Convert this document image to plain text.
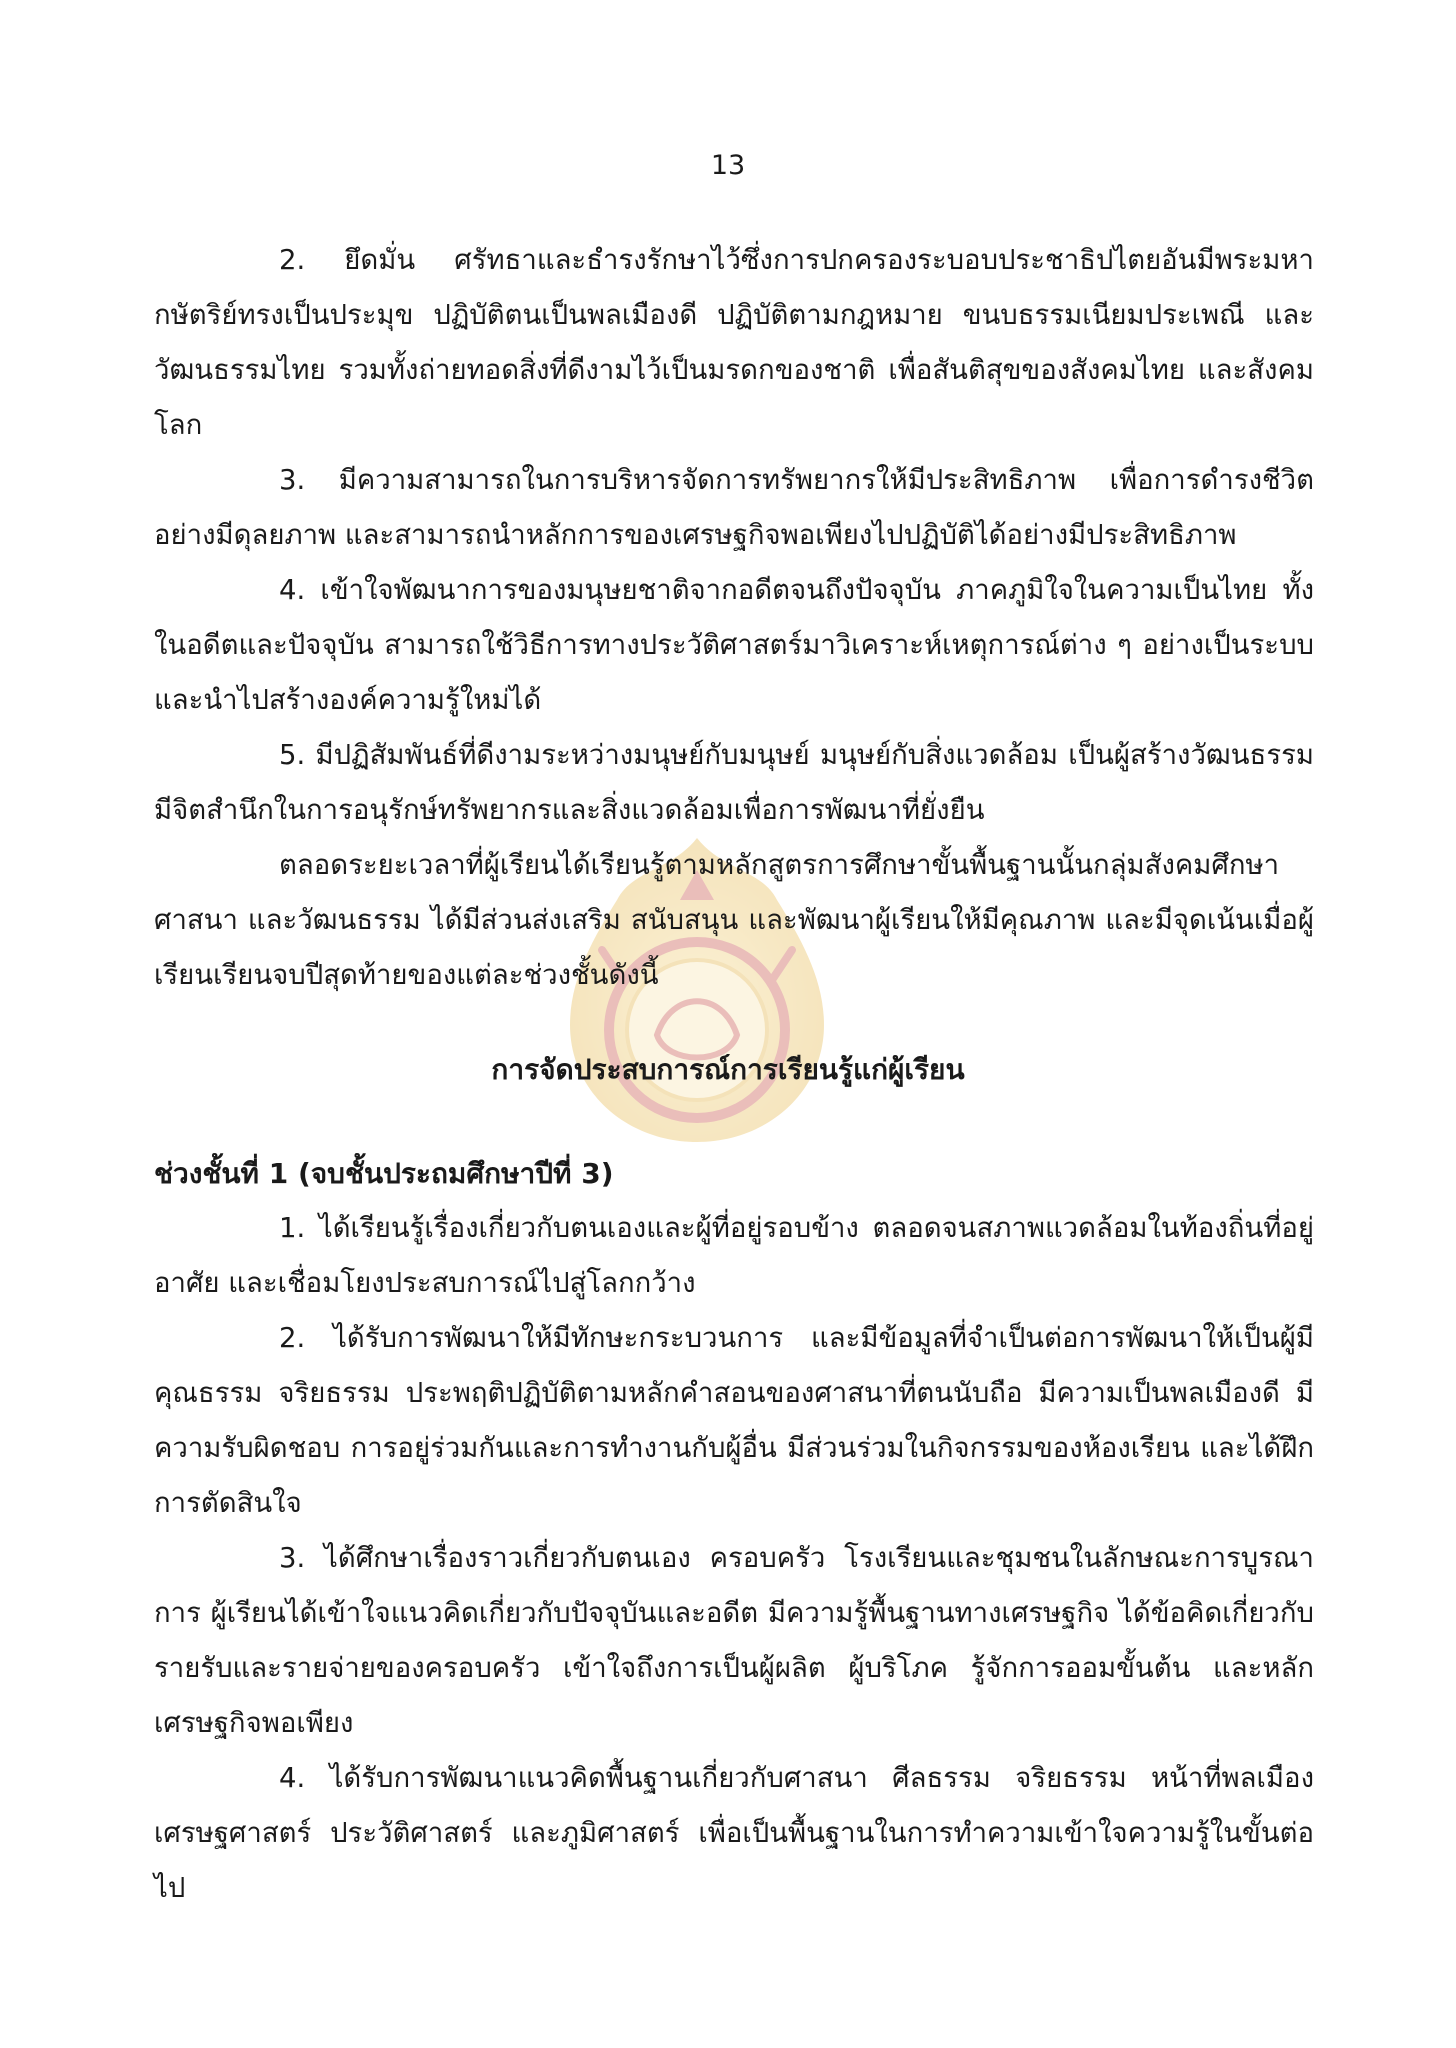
13

2. ยึดมั่น ศรัทธาและธำรงรักษาไว้ซึ่งการปกครองระบอบประชาธิปไตยอันมีพระมหากษัตริย์ทรงเป็นประมุข ปฏิบัติตนเป็นพลเมืองดี ปฏิบัติตามกฎหมาย ขนบธรรมเนียมประเพณี และวัฒนธรรมไทย รวมทั้งถ่ายทอดสิ่งที่ดีงามไว้เป็นมรดกของชาติ เพื่อสันติสุขของสังคมไทย และสังคมโลก

3. มีความสามารถในการบริหารจัดการทรัพยากรให้มีประสิทธิภาพ เพื่อการดำรงชีวิตอย่างมีดุลยภาพ และสามารถนำหลักการของเศรษฐกิจพอเพียงไปปฏิบัติได้อย่างมีประสิทธิภาพ

4. เข้าใจพัฒนาการของมนุษยชาติจากอดีตจนถึงปัจจุบัน ภาคภูมิใจในความเป็นไทย ทั้งในอดีตและปัจจุบัน สามารถใช้วิธีการทางประวัติศาสตร์มาวิเคราะห์เหตุการณ์ต่าง ๆ อย่างเป็นระบบ และนำไปสร้างองค์ความรู้ใหม่ได้

5. มีปฏิสัมพันธ์ที่ดีงามระหว่างมนุษย์กับมนุษย์ มนุษย์กับสิ่งแวดล้อม เป็นผู้สร้างวัฒนธรรม มีจิตสำนึกในการอนุรักษ์ทรัพยากรและสิ่งแวดล้อมเพื่อการพัฒนาที่ยั่งยืน

ตลอดระยะเวลาที่ผู้เรียนได้เรียนรู้ตามหลักสูตรการศึกษาขั้นพื้นฐานนั้นกลุ่มสังคมศึกษา ศาสนา และวัฒนธรรม ได้มีส่วนส่งเสริม สนับสนุน และพัฒนาผู้เรียนให้มีคุณภาพ และมีจุดเน้นเมื่อผู้เรียนเรียนจบปีสุดท้ายของแต่ละช่วงชั้นดังนี้

การจัดประสบการณ์การเรียนรู้แก่ผู้เรียน

ช่วงชั้นที่ 1 (จบชั้นประถมศึกษาปีที่ 3)

1. ได้เรียนรู้เรื่องเกี่ยวกับตนเองและผู้ที่อยู่รอบข้าง ตลอดจนสภาพแวดล้อมในท้องถิ่นที่อยู่อาศัย และเชื่อมโยงประสบการณ์ไปสู่โลกกว้าง

2. ได้รับการพัฒนาให้มีทักษะกระบวนการ และมีข้อมูลที่จำเป็นต่อการพัฒนาให้เป็นผู้มีคุณธรรม จริยธรรม ประพฤติปฏิบัติตามหลักคำสอนของศาสนาที่ตนนับถือ มีความเป็นพลเมืองดี มีความรับผิดชอบ การอยู่ร่วมกันและการทำงานกับผู้อื่น มีส่วนร่วมในกิจกรรมของห้องเรียน และได้ฝึกการตัดสินใจ

3. ได้ศึกษาเรื่องราวเกี่ยวกับตนเอง ครอบครัว โรงเรียนและชุมชนในลักษณะการบูรณาการ ผู้เรียนได้เข้าใจแนวคิดเกี่ยวกับปัจจุบันและอดีต มีความรู้พื้นฐานทางเศรษฐกิจ ได้ข้อคิดเกี่ยวกับรายรับและรายจ่ายของครอบครัว เข้าใจถึงการเป็นผู้ผลิต ผู้บริโภค รู้จักการออมขั้นต้น และหลักเศรษฐกิจพอเพียง

4. ได้รับการพัฒนาแนวคิดพื้นฐานเกี่ยวกับศาสนา ศีลธรรม จริยธรรม หน้าที่พลเมือง เศรษฐศาสตร์ ประวัติศาสตร์ และภูมิศาสตร์ เพื่อเป็นพื้นฐานในการทำความเข้าใจความรู้ในขั้นต่อไป
